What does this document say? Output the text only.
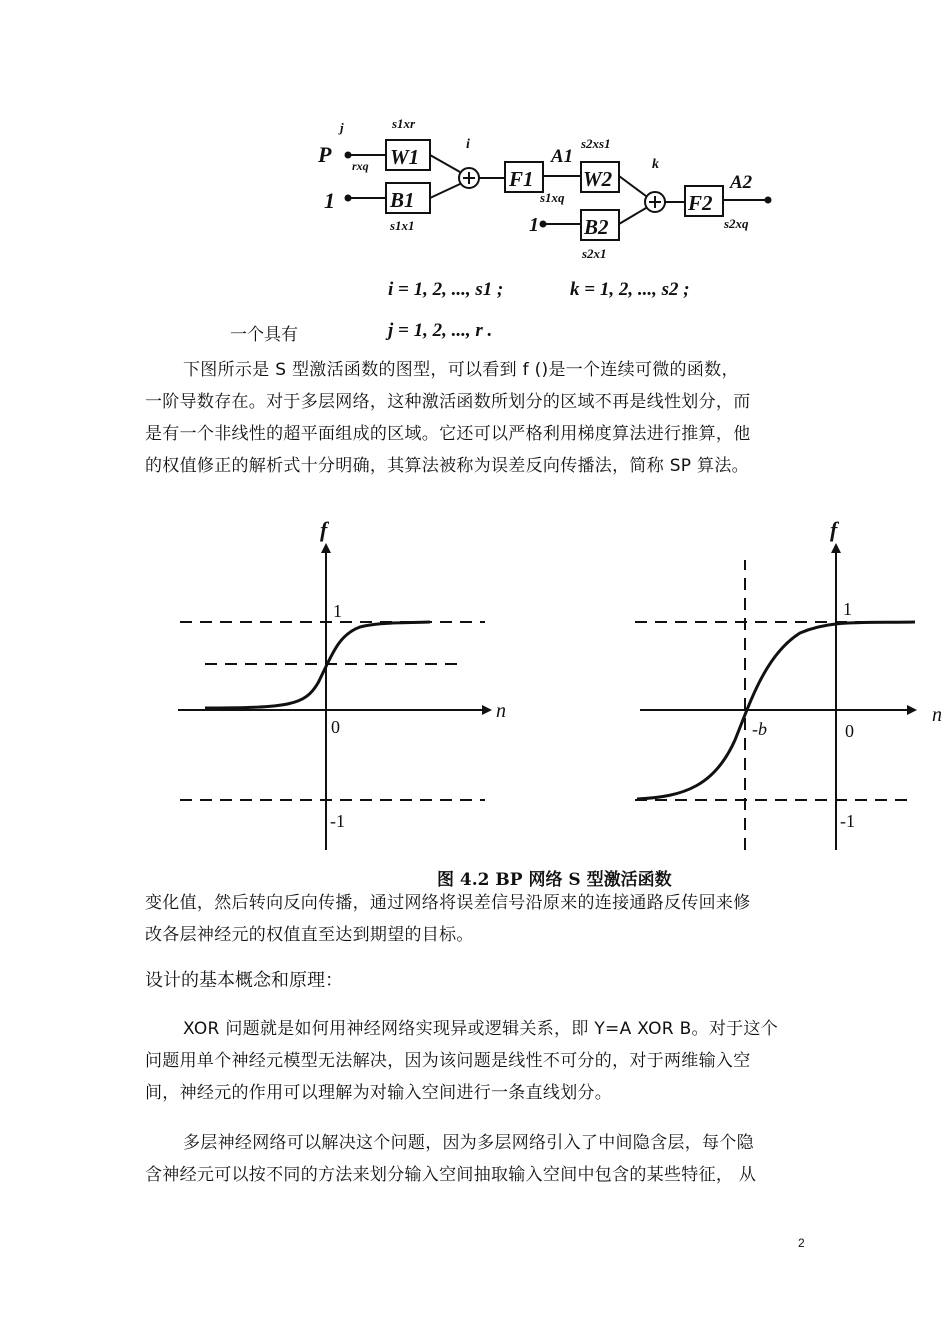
P
j
rxq
1
s1xr
W1
B1
s1x1
i
F1
A1
s1xq
s2xs1
W2
1 B2
s2x1
k
F2
A2
s2xq
i = 1, 2, ..., s1 ;	k = 1, 2, ..., s2 ;
一个具有	j = 1, 2, ..., r .
下图所示是 S 型激活函数的图型，可以看到 f ()是一个连续可微的函数，
一阶导数存在。对于多层网络，这种激活函数所划分的区域不再是线性划分，而
是有一个非线性的超平面组成的区域。它还可以严格利用梯度算法进行推算，他
的权值修正的解析式十分明确，其算法被称为误差反向传播法，简称 SP 算法。
f
n
1
0
-1
f
n
1
0
-1
-b
图 4.2 BP 网络 S 型激活函数
变化值，然后转向反向传播，通过网络将误差信号沿原来的连接通路反传回来修
改各层神经元的权值直至达到期望的目标。
设计的基本概念和原理：
XOR 问题就是如何用神经网络实现异或逻辑关系，即 Y=A XOR B。对于这个
问题用单个神经元模型无法解决，因为该问题是线性不可分的，对于两维输入空
间，神经元的作用可以理解为对输入空间进行一条直线划分。
多层神经网络可以解决这个问题，因为多层网络引入了中间隐含层，每个隐
含神经元可以按不同的方法来划分输入空间抽取输入空间中包含的某些特征， 从
2
